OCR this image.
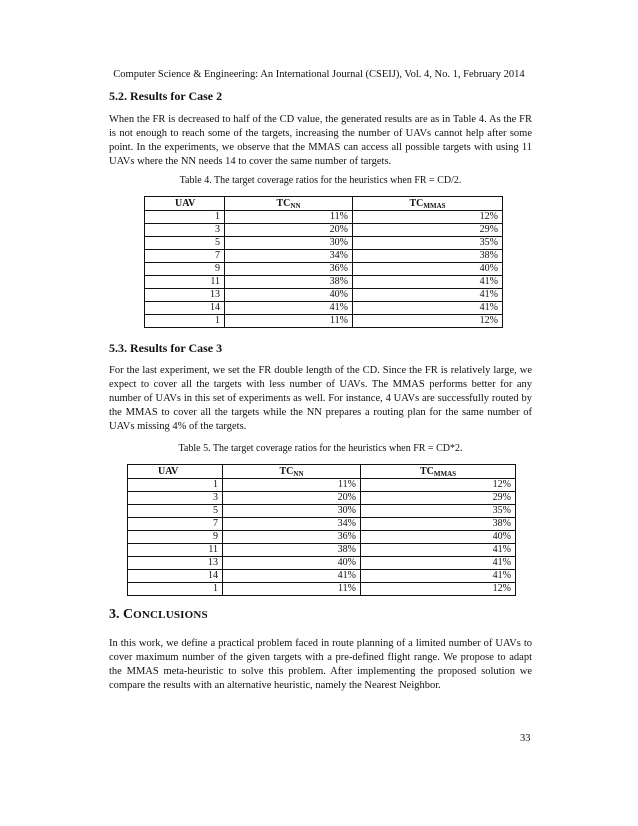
Computer Science & Engineering: An International Journal (CSEIJ), Vol. 4, No. 1, February 2014

5.2. Results for Case 2

When the FR is decreased to half of the CD value, the generated results are as in Table 4. As the FR is not enough to reach some of the targets, increasing the number of UAVs cannot help after some point. In the experiments, we observe that the MMAS can access all possible targets with using 11 UAVs where the NN needs 14 to cover the same number of targets.

Table 4. The target coverage ratios for the heuristics when FR = CD/2.

UAV	$TC_{NN}$	$TC_{MMAS}$
1	11%	12%
3	20%	29%
5	30%	35%
7	34%	38%
9	36%	40%
11	38%	41%
13	40%	41%
14	41%	41%
1	11%	12%

5.3. Results for Case 3

For the last experiment, we set the FR double length of the CD. Since the FR is relatively large, we expect to cover all the targets with less number of UAVs. The MMAS performs better for any number of UAVs in this set of experiments as well. For instance, 4 UAVs are successfully routed by the MMAS to cover all the targets while the NN prepares a routing plan for the same number of UAVs missing 4% of the targets.

Table 5. The target coverage ratios for the heuristics when FR = CD*2.

UAV	$TC_{NN}$	$TC_{MMAS}$
1	11%	12%
3	20%	29%
5	30%	35%
7	34%	38%
9	36%	40%
11	38%	41%
13	40%	41%
14	41%	41%
1	11%	12%

3. CONCLUSIONS

In this work, we define a practical problem faced in route planning of a limited number of UAVs to cover maximum number of the given targets with a pre-defined flight range. We propose to adapt the MMAS meta-heuristic to solve this problem. After implementing the proposed solution we compare the results with an alternative heuristic, namely the Nearest Neighbor.

33
